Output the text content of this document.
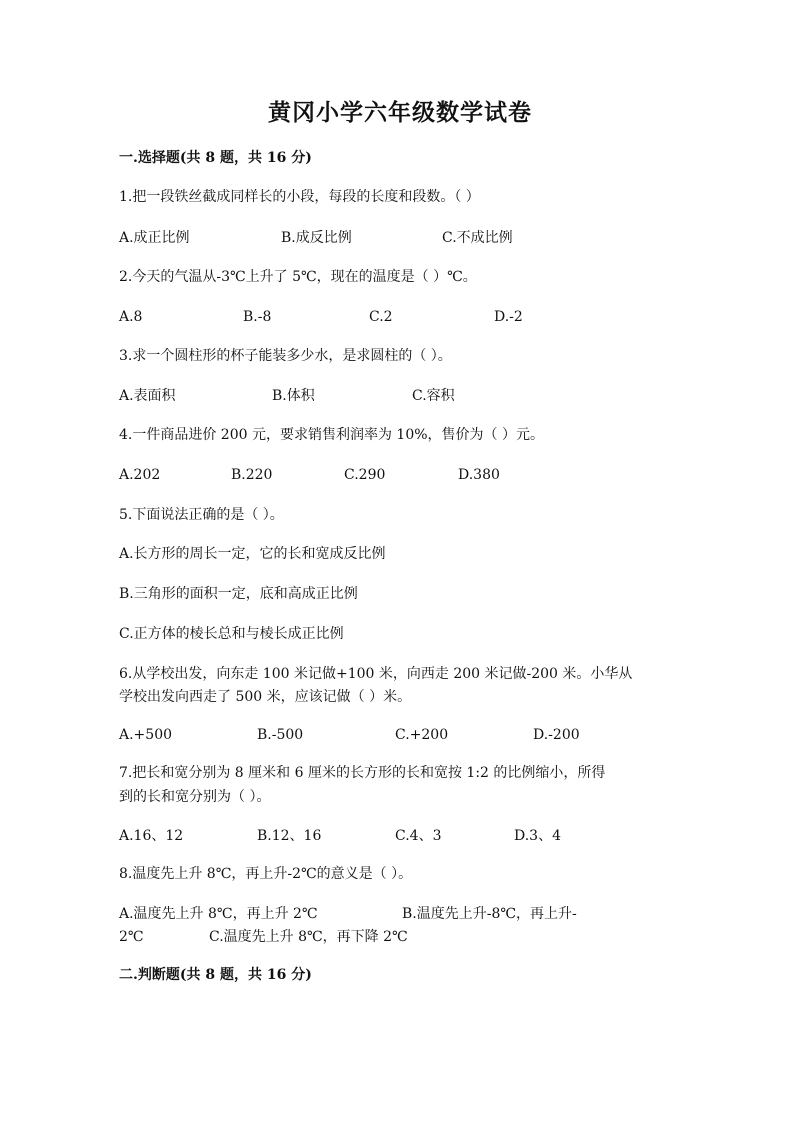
黄冈小学六年级数学试卷
一.选择题(共 8 题，共 16 分)
1.把一段铁丝截成同样长的小段，每段的长度和段数。（ ）
A.成正比例	B.成反比例	C.不成比例
2.今天的气温从-3℃上升了 5℃，现在的温度是（ ）℃。
A.8	B.-8	C.2	D.-2
3.求一个圆柱形的杯子能装多少水，是求圆柱的（ ）。
A.表面积	B.体积	C.容积
4.一件商品进价 200 元，要求销售利润率为 10%，售价为（ ）元。
A.202	B.220	C.290	D.380
5.下面说法正确的是（ ）。
A.长方形的周长一定，它的长和宽成反比例
B.三角形的面积一定，底和高成正比例
C.正方体的棱长总和与棱长成正比例
6.从学校出发，向东走 100 米记做+100 米，向西走 200 米记做-200 米。小华从
学校出发向西走了 500 米，应该记做（ ）米。
A.+500	B.-500	C.+200	D.-200
7.把长和宽分别为 8 厘米和 6 厘米的长方形的长和宽按 1:2 的比例缩小，所得
到的长和宽分别为（ ）。
A.16、12	B.12、16	C.4、3	D.3、4
8.温度先上升 8℃，再上升-2℃的意义是（ ）。
A.温度先上升 8℃，再上升 2℃	B.温度先上升-8℃，再上升-
2℃	C.温度先上升 8℃，再下降 2℃
二.判断题(共 8 题，共 16 分)
